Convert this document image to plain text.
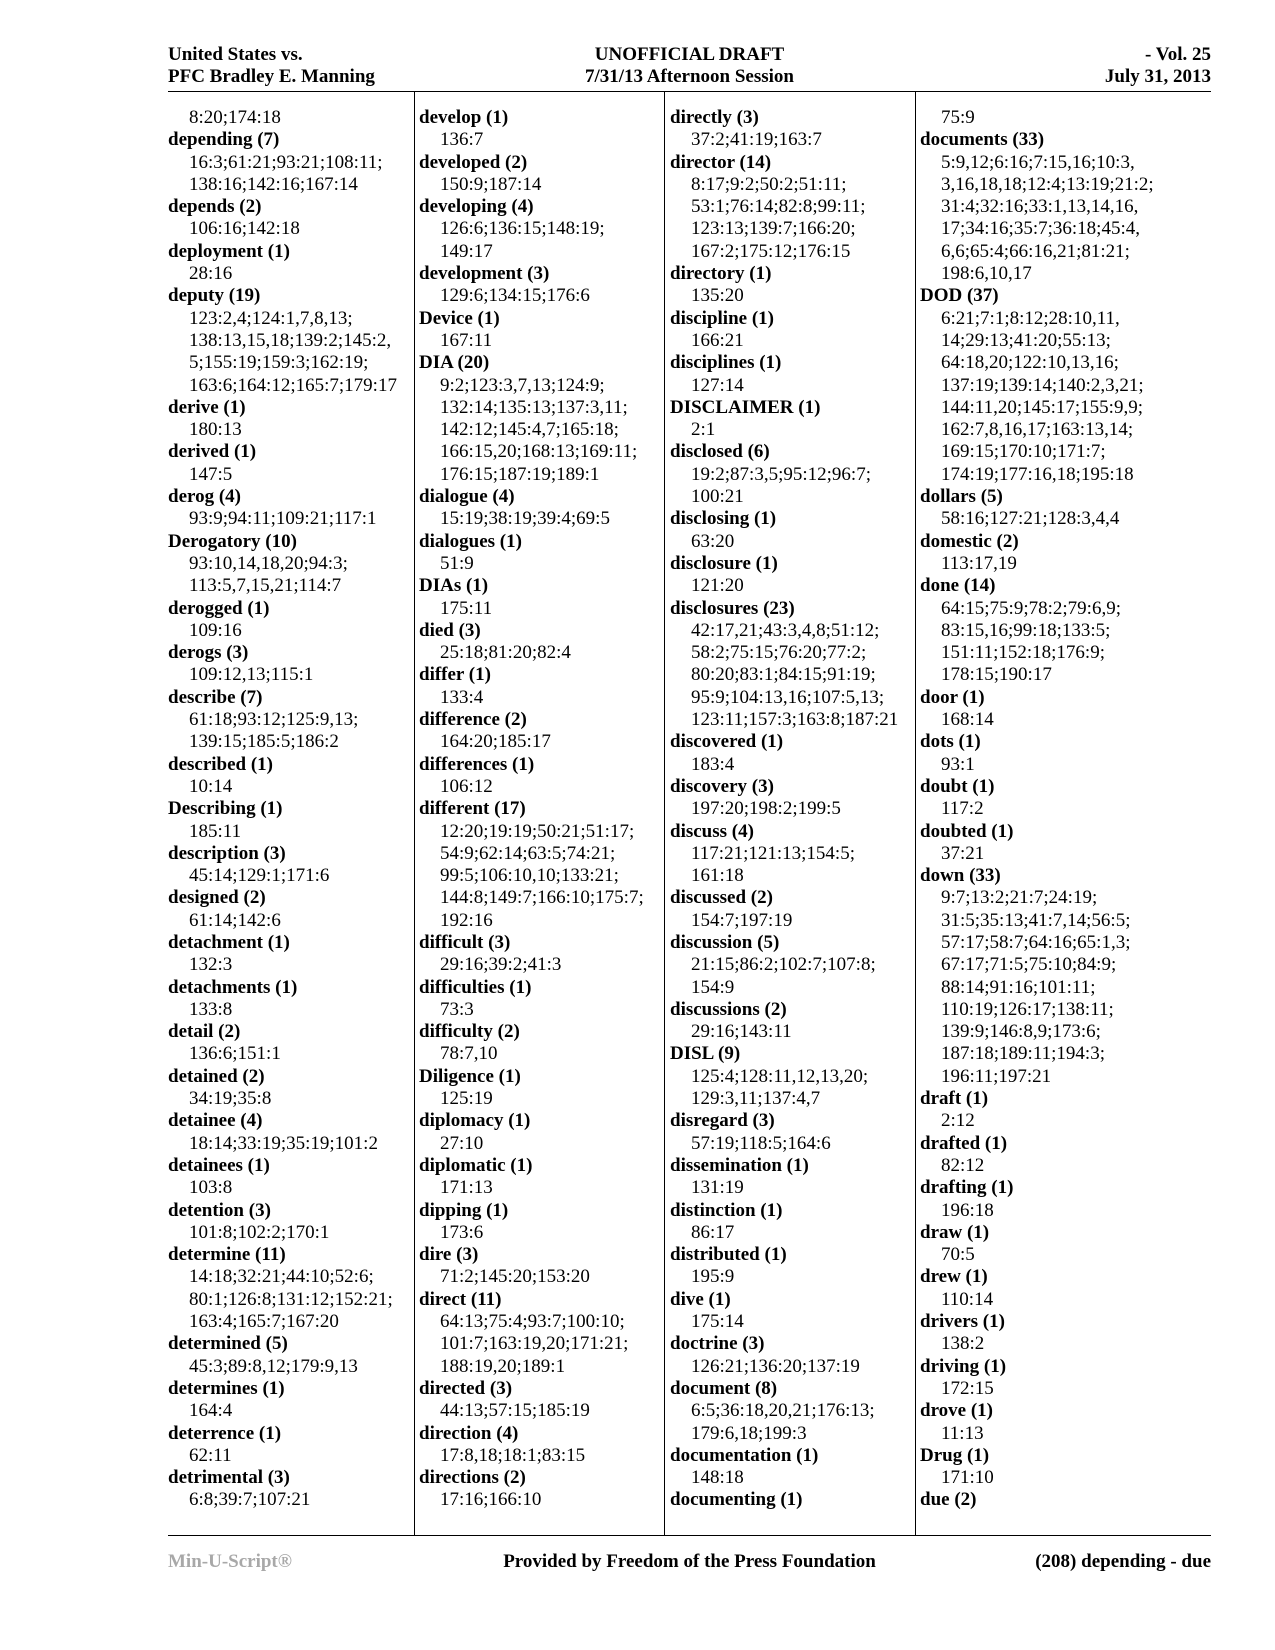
United States vs.
PFC Bradley E. Manning
UNOFFICIAL DRAFT
7/31/13 Afternoon Session
- Vol. 25
July 31, 2013
8:20;174:18
depending (7)
16:3;61:21;93:21;108:11;
138:16;142:16;167:14
depends (2)
106:16;142:18
deployment (1)
28:16
deputy (19)
123:2,4;124:1,7,8,13;
138:13,15,18;139:2;145:2,
5;155:19;159:3;162:19;
163:6;164:12;165:7;179:17
derive (1)
180:13
derived (1)
147:5
derog (4)
93:9;94:11;109:21;117:1
Derogatory (10)
93:10,14,18,20;94:3;
113:5,7,15,21;114:7
derogged (1)
109:16
derogs (3)
109:12,13;115:1
describe (7)
61:18;93:12;125:9,13;
139:15;185:5;186:2
described (1)
10:14
Describing (1)
185:11
description (3)
45:14;129:1;171:6
designed (2)
61:14;142:6
detachment (1)
132:3
detachments (1)
133:8
detail (2)
136:6;151:1
detained (2)
34:19;35:8
detainee (4)
18:14;33:19;35:19;101:2
detainees (1)
103:8
detention (3)
101:8;102:2;170:1
determine (11)
14:18;32:21;44:10;52:6;
80:1;126:8;131:12;152:21;
163:4;165:7;167:20
determined (5)
45:3;89:8,12;179:9,13
determines (1)
164:4
deterrence (1)
62:11
detrimental (3)
6:8;39:7;107:21
develop (1)
136:7
developed (2)
150:9;187:14
developing (4)
126:6;136:15;148:19;
149:17
development (3)
129:6;134:15;176:6
Device (1)
167:11
DIA (20)
9:2;123:3,7,13;124:9;
132:14;135:13;137:3,11;
142:12;145:4,7;165:18;
166:15,20;168:13;169:11;
176:15;187:19;189:1
dialogue (4)
15:19;38:19;39:4;69:5
dialogues (1)
51:9
DIAs (1)
175:11
died (3)
25:18;81:20;82:4
differ (1)
133:4
difference (2)
164:20;185:17
differences (1)
106:12
different (17)
12:20;19:19;50:21;51:17;
54:9;62:14;63:5;74:21;
99:5;106:10,10;133:21;
144:8;149:7;166:10;175:7;
192:16
difficult (3)
29:16;39:2;41:3
difficulties (1)
73:3
difficulty (2)
78:7,10
Diligence (1)
125:19
diplomacy (1)
27:10
diplomatic (1)
171:13
dipping (1)
173:6
dire (3)
71:2;145:20;153:20
direct (11)
64:13;75:4;93:7;100:10;
101:7;163:19,20;171:21;
188:19,20;189:1
directed (3)
44:13;57:15;185:19
direction (4)
17:8,18;18:1;83:15
directions (2)
17:16;166:10
directly (3)
37:2;41:19;163:7
director (14)
8:17;9:2;50:2;51:11;
53:1;76:14;82:8;99:11;
123:13;139:7;166:20;
167:2;175:12;176:15
directory (1)
135:20
discipline (1)
166:21
disciplines (1)
127:14
DISCLAIMER (1)
2:1
disclosed (6)
19:2;87:3,5;95:12;96:7;
100:21
disclosing (1)
63:20
disclosure (1)
121:20
disclosures (23)
42:17,21;43:3,4,8;51:12;
58:2;75:15;76:20;77:2;
80:20;83:1;84:15;91:19;
95:9;104:13,16;107:5,13;
123:11;157:3;163:8;187:21
discovered (1)
183:4
discovery (3)
197:20;198:2;199:5
discuss (4)
117:21;121:13;154:5;
161:18
discussed (2)
154:7;197:19
discussion (5)
21:15;86:2;102:7;107:8;
154:9
discussions (2)
29:16;143:11
DISL (9)
125:4;128:11,12,13,20;
129:3,11;137:4,7
disregard (3)
57:19;118:5;164:6
dissemination (1)
131:19
distinction (1)
86:17
distributed (1)
195:9
dive (1)
175:14
doctrine (3)
126:21;136:20;137:19
document (8)
6:5;36:18,20,21;176:13;
179:6,18;199:3
documentation (1)
148:18
documenting (1)
75:9
documents (33)
5:9,12;6:16;7:15,16;10:3,
3,16,18,18;12:4;13:19;21:2;
31:4;32:16;33:1,13,14,16,
17;34:16;35:7;36:18;45:4,
6,6;65:4;66:16,21;81:21;
198:6,10,17
DOD (37)
6:21;7:1;8:12;28:10,11,
14;29:13;41:20;55:13;
64:18,20;122:10,13,16;
137:19;139:14;140:2,3,21;
144:11,20;145:17;155:9,9;
162:7,8,16,17;163:13,14;
169:15;170:10;171:7;
174:19;177:16,18;195:18
dollars (5)
58:16;127:21;128:3,4,4
domestic (2)
113:17,19
done (14)
64:15;75:9;78:2;79:6,9;
83:15,16;99:18;133:5;
151:11;152:18;176:9;
178:15;190:17
door (1)
168:14
dots (1)
93:1
doubt (1)
117:2
doubted (1)
37:21
down (33)
9:7;13:2;21:7;24:19;
31:5;35:13;41:7,14;56:5;
57:17;58:7;64:16;65:1,3;
67:17;71:5;75:10;84:9;
88:14;91:16;101:11;
110:19;126:17;138:11;
139:9;146:8,9;173:6;
187:18;189:11;194:3;
196:11;197:21
draft (1)
2:12
drafted (1)
82:12
drafting (1)
196:18
draw (1)
70:5
drew (1)
110:14
drivers (1)
138:2
driving (1)
172:15
drove (1)
11:13
Drug (1)
171:10
due (2)
Min-U-Script®	Provided by Freedom of the Press Foundation	(208) depending - due
